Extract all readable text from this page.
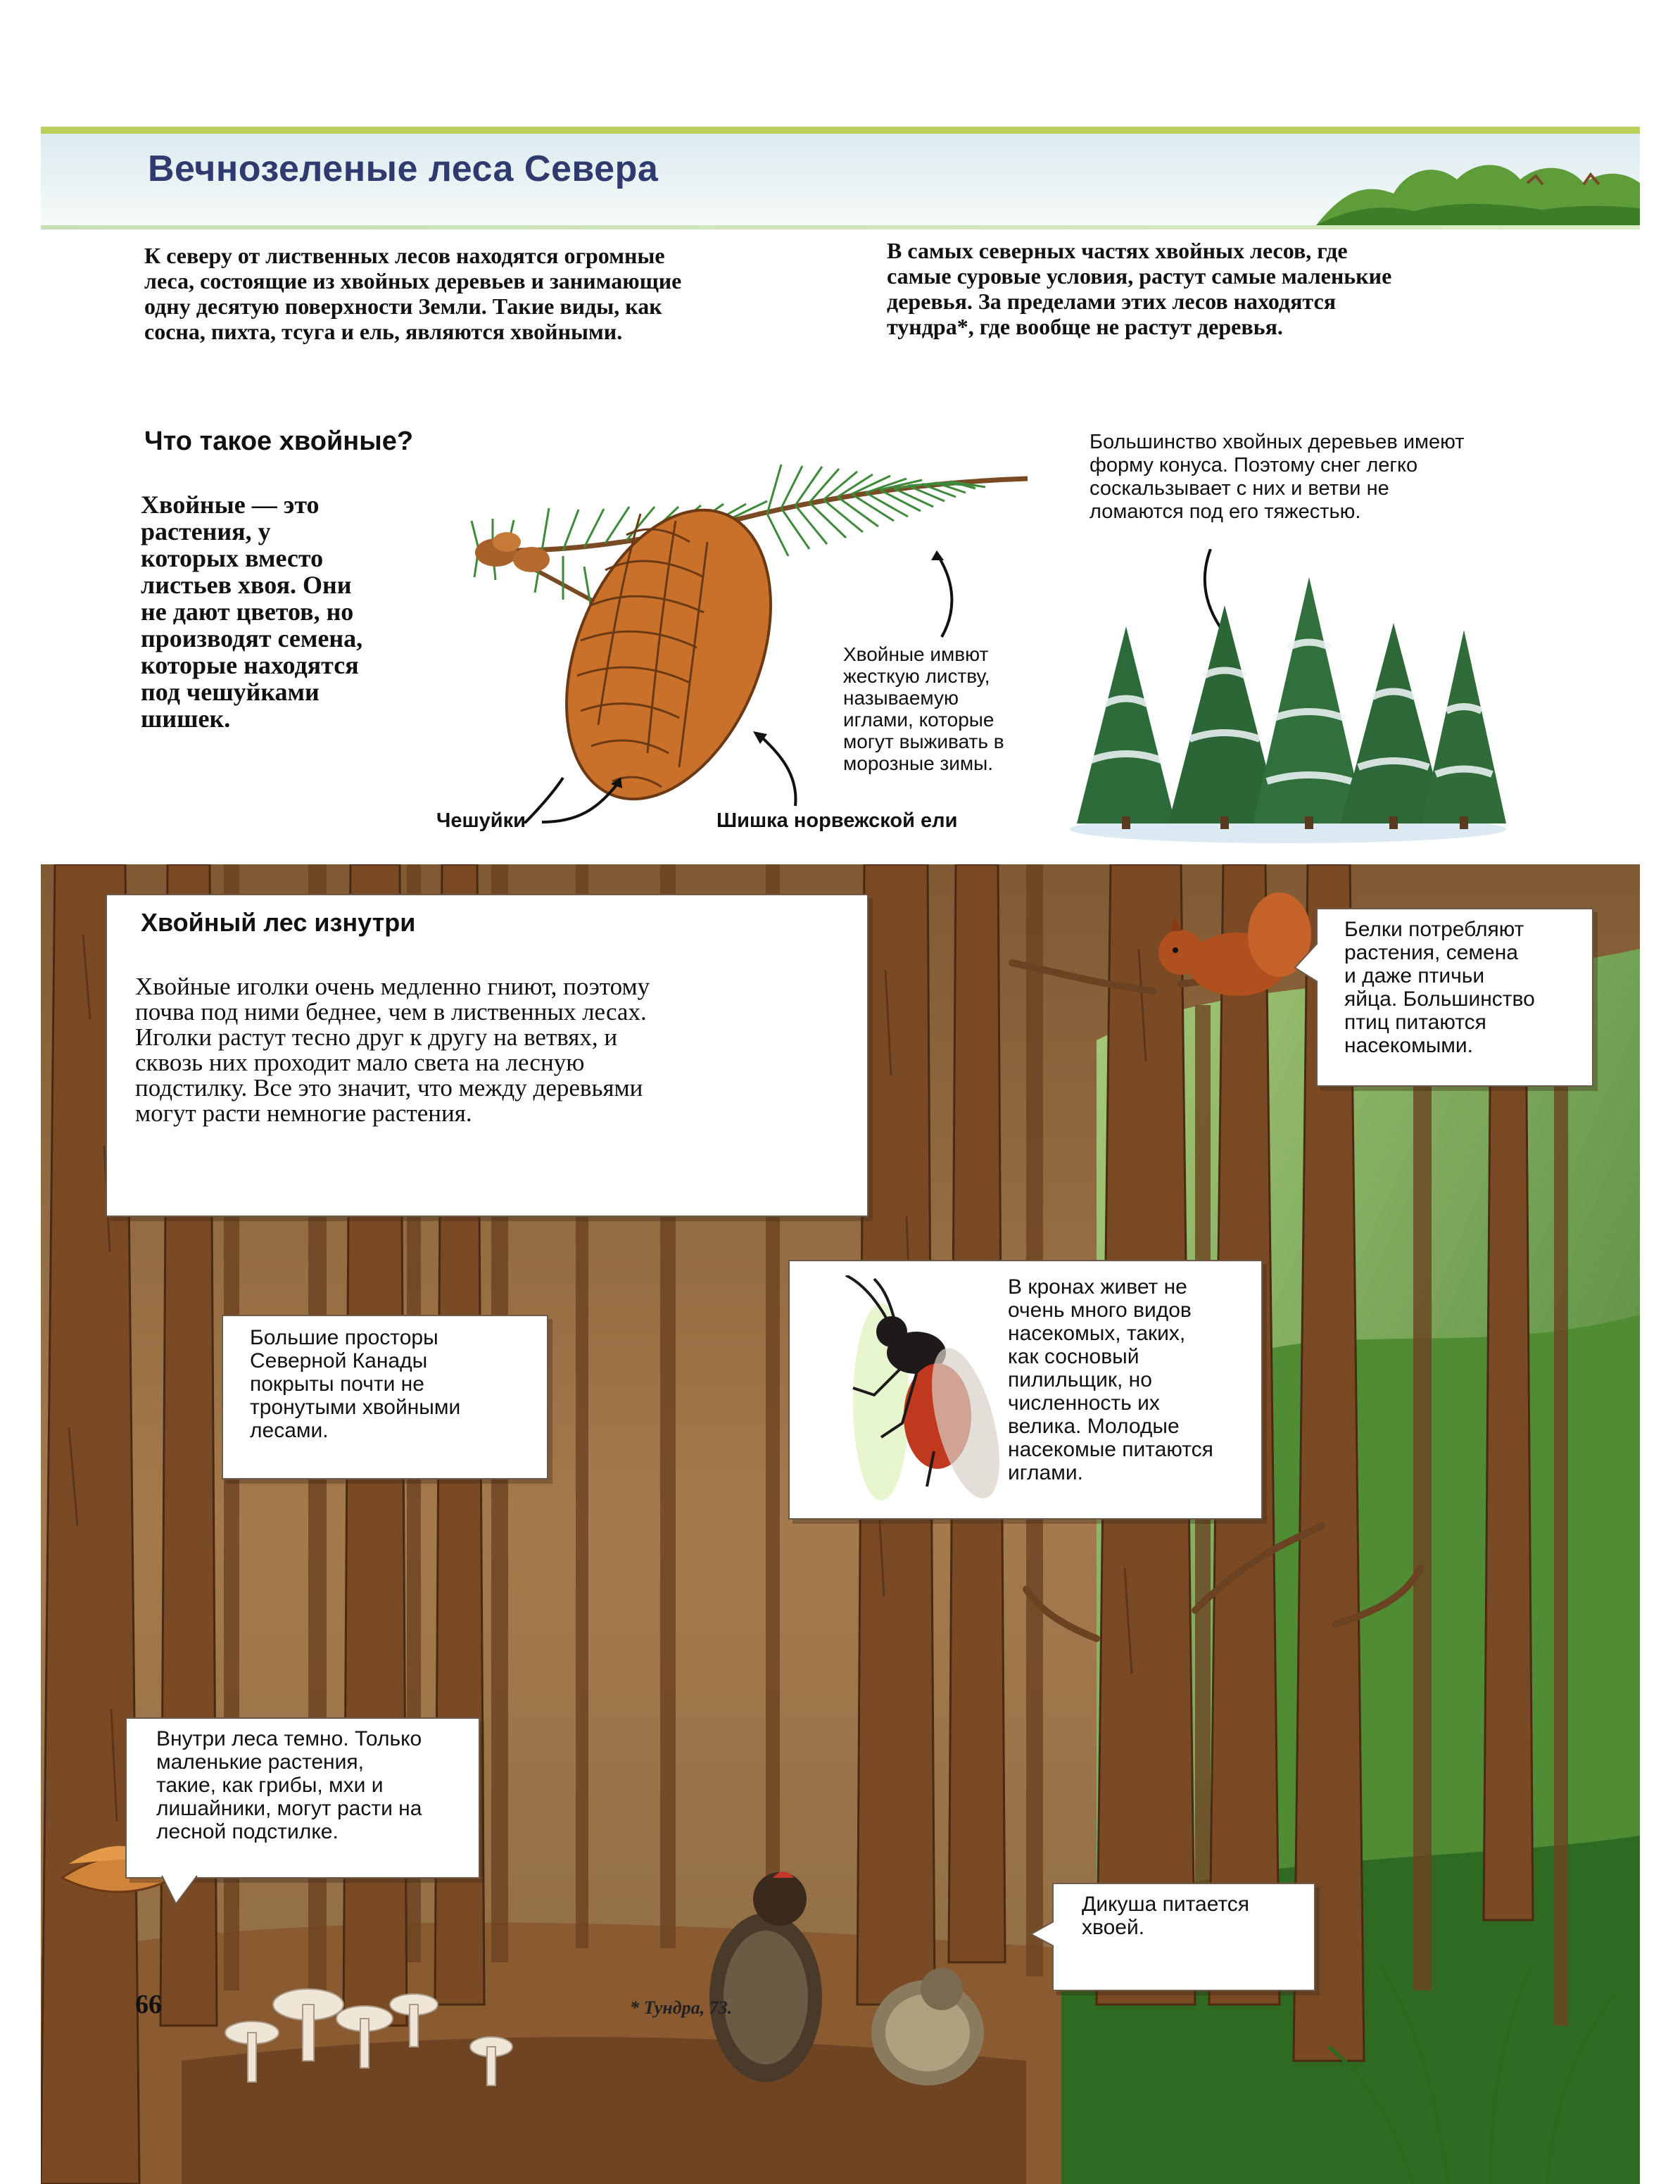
Вечнозеленые леса Севера
К северу от лиственных лесов находятся огромные
леса, состоящие из хвойных деревьев и занимающие
одну десятую поверхности Земли. Такие виды, как
сосна, пихта, тсуга и ель, являются хвойными.
В самых северных частях хвойных лесов, где
самые суровые условия, растут самые маленькие
деревья. За пределами этих лесов находятся
тундра*, где вообще не растут деревья.
Что такое хвойные?
Хвойные — это
растения, у
которых вместо
листьев хвоя. Они
не дают цветов, но
производят семена,
которые находятся
под чешуйками
шишек.
Большинство хвойных деревьев имеют
форму конуса. Поэтому снег легко
соскальзывает с них и ветви не
ломаются под его тяжестью.
Хвойные имвют
жесткую листву,
называемую
иглами, которые
могут выживать в
морозные зимы.
Чешуйки	Шишка норвежской ели
Хвойный лес изнутри
Хвойные иголки очень медленно гниют, поэтому
почва под ними беднее, чем в лиственных лесах.
Иголки растут тесно друг к другу на ветвях, и
сквозь них проходит мало света на лесную
подстилку. Все это значит, что между деревьями
могут расти немногие растения.
Белки потребляют
растения, семена
и даже птичьи
яйца. Большинство
птиц питаются
насекомыми.
Большие просторы
Северной Канады
покрыты почти не
тронутыми хвойными
лесами.
В кронах живет не
очень много видов
насекомых, таких,
как сосновый
пилильщик, но
численность их
велика. Молодые
насекомые питаются
иглами.
Внутри леса темно. Только
маленькие растения,
такие, как грибы, мхи и
лишайники, могут расти на
лесной подстилке.
Дикуша питается
хвоей.
66	* Тундра, 73.
